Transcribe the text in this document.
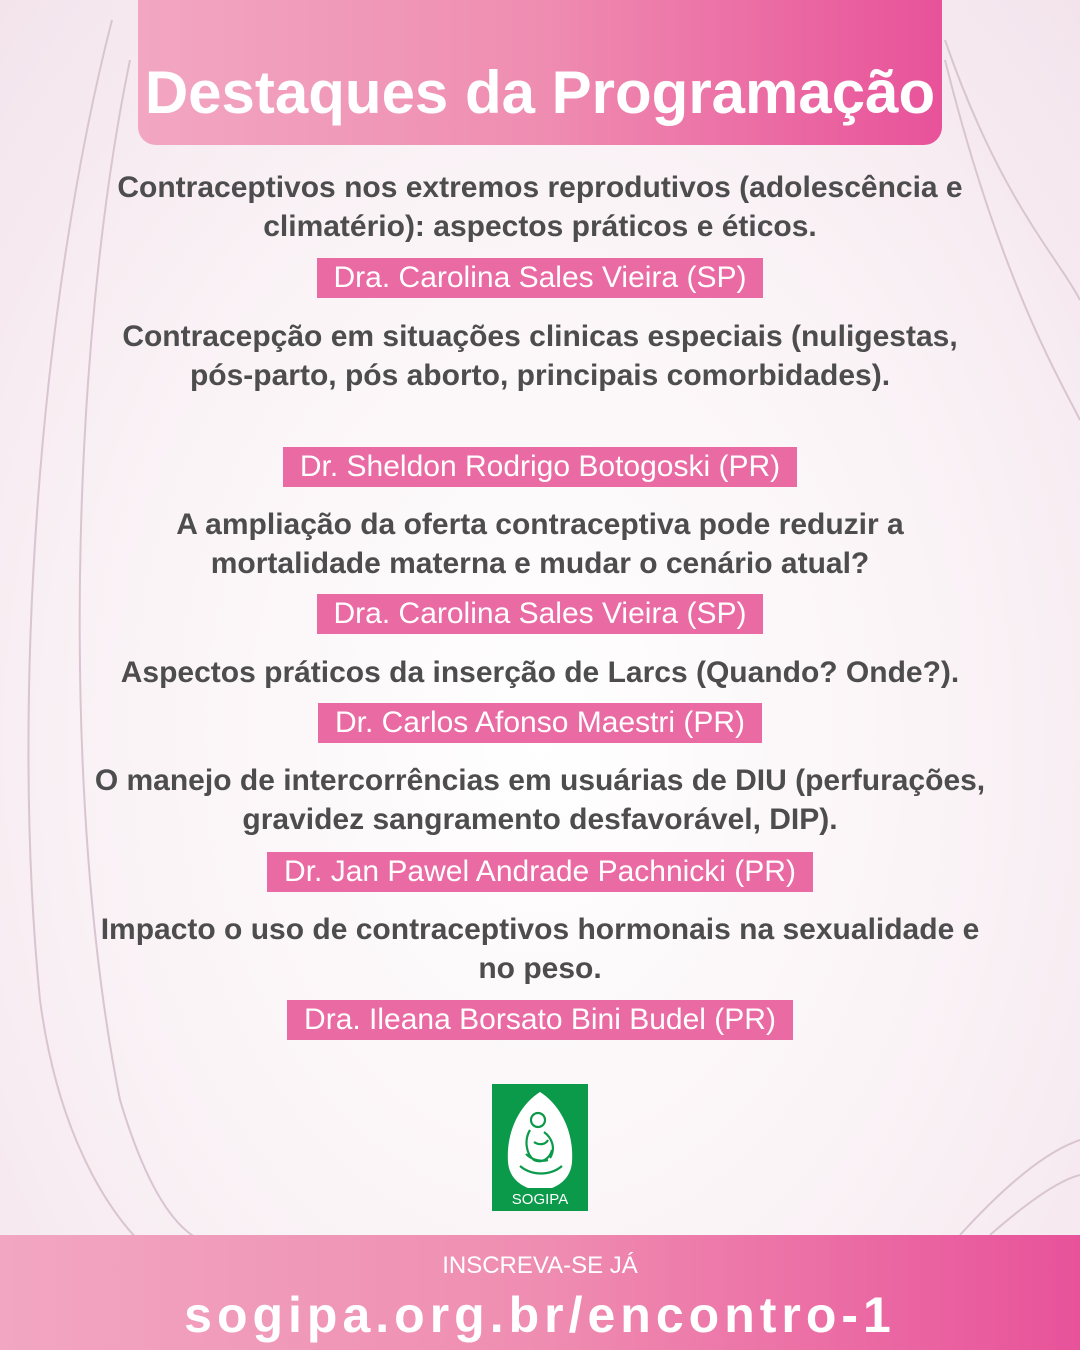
Destaques da Programação
Contraceptivos nos extremos reprodutivos (adolescência e climatério): aspectos práticos e éticos.
Dra. Carolina Sales Vieira (SP)
Contracepção em situações clinicas especiais (nuligestas, pós-parto, pós aborto, principais comorbidades).
Dr. Sheldon Rodrigo Botogoski (PR)
A ampliação da oferta contraceptiva pode reduzir a mortalidade materna e mudar o cenário atual?
Dra. Carolina Sales Vieira (SP)
Aspectos práticos da inserção de Larcs (Quando? Onde?).
Dr. Carlos Afonso Maestri (PR)
O manejo de intercorrências em usuárias de DIU (perfurações, gravidez sangramento desfavorável, DIP).
Dr. Jan Pawel Andrade Pachnicki (PR)
Impacto o uso de contraceptivos hormonais na sexualidade e no peso.
Dra. Ileana Borsato Bini Budel (PR)
SOGIPA
INSCREVA-SE JÁ
sogipa.org.br/encontro-1
